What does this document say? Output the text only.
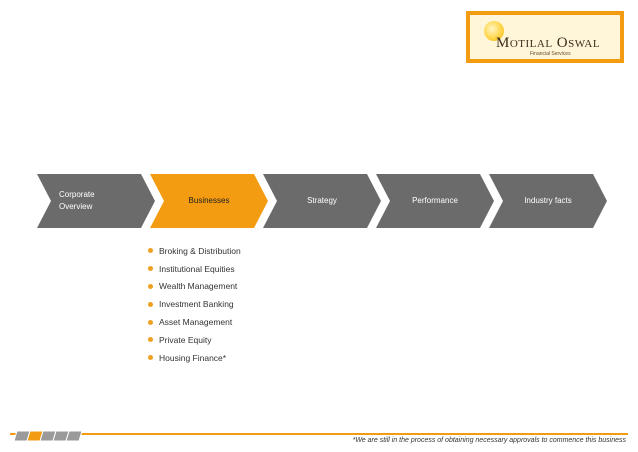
Motilal Oswal
Financial Services
Corporate
Overview
Businesses	Strategy	Performance	Industry facts
Broking & Distribution
Institutional Equities
Wealth Management
Investment Banking
Asset Management
Private Equity
Housing Finance*
*We are still in the process of obtaining necessary approvals to commence this business
